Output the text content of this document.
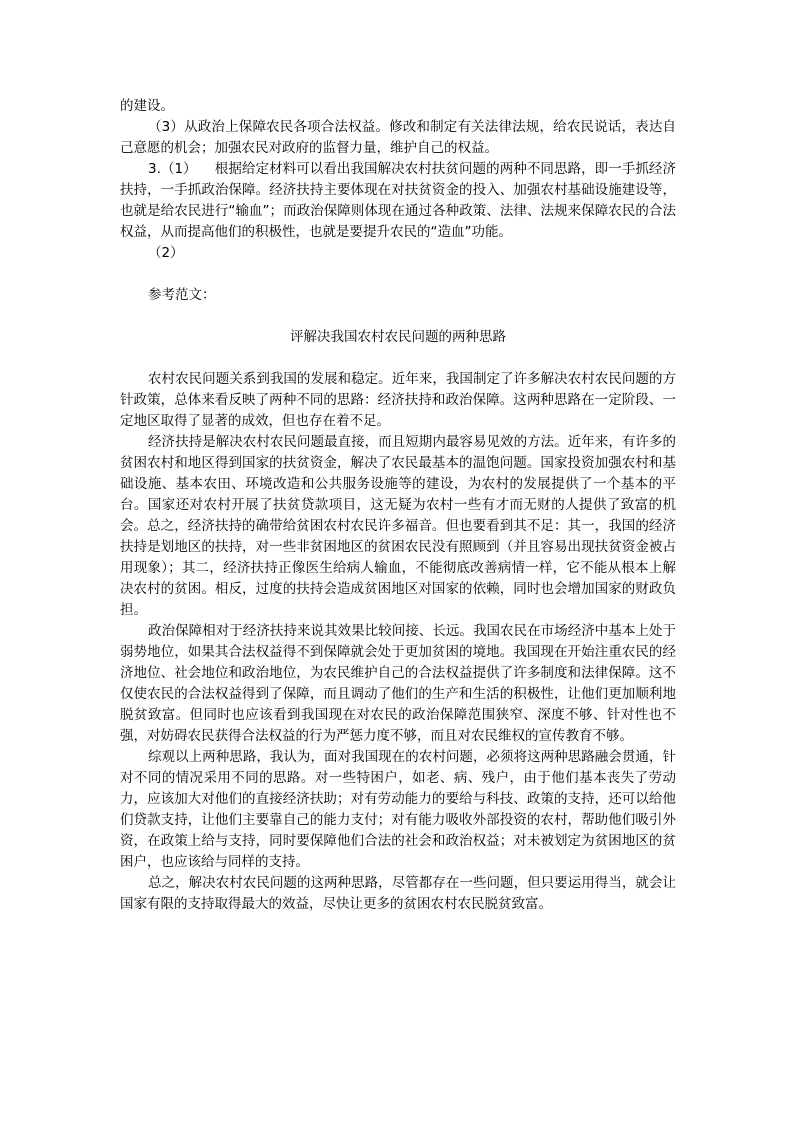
的建设。

（3）从政治上保障农民各项合法权益。修改和制定有关法律法规，给农民说话，表达自己意愿的机会；加强农民对政府的监督力量，维护自己的权益。

3.（1） 根据给定材料可以看出我国解决农村扶贫问题的两种不同思路，即一手抓经济扶持，一手抓政治保障。经济扶持主要体现在对扶贫资金的投入、加强农村基础设施建设等，也就是给农民进行“输血”；而政治保障则体现在通过各种政策、法律、法规来保障农民的合法权益，从而提高他们的积极性，也就是要提升农民的“造血”功能。

（2）

参考范文：

评解决我国农村农民问题的两种思路

农村农民问题关系到我国的发展和稳定。近年来，我国制定了许多解决农村农民问题的方针政策，总体来看反映了两种不同的思路：经济扶持和政治保障。这两种思路在一定阶段、一定地区取得了显著的成效，但也存在着不足。

经济扶持是解决农村农民问题最直接，而且短期内最容易见效的方法。近年来，有许多的贫困农村和地区得到国家的扶贫资金，解决了农民最基本的温饱问题。国家投资加强农村和基础设施、基本农田、环境改造和公共服务设施等的建设，为农村的发展提供了一个基本的平台。国家还对农村开展了扶贫贷款项目，这无疑为农村一些有才而无财的人提供了致富的机会。总之，经济扶持的确带给贫困农村农民许多福音。但也要看到其不足：其一，我国的经济扶持是划地区的扶持，对一些非贫困地区的贫困农民没有照顾到（并且容易出现扶贫资金被占用现象）；其二，经济扶持正像医生给病人输血，不能彻底改善病情一样，它不能从根本上解决农村的贫困。相反，过度的扶持会造成贫困地区对国家的依赖，同时也会增加国家的财政负担。

政治保障相对于经济扶持来说其效果比较间接、长远。我国农民在市场经济中基本上处于弱势地位，如果其合法权益得不到保障就会处于更加贫困的境地。我国现在开始注重农民的经济地位、社会地位和政治地位，为农民维护自己的合法权益提供了许多制度和法律保障。这不仅使农民的合法权益得到了保障，而且调动了他们的生产和生活的积极性，让他们更加顺利地脱贫致富。但同时也应该看到我国现在对农民的政治保障范围狭窄、深度不够、针对性也不强，对妨碍农民获得合法权益的行为严惩力度不够，而且对农民维权的宣传教育不够。

综观以上两种思路，我认为，面对我国现在的农村问题，必须将这两种思路融会贯通，针对不同的情况采用不同的思路。对一些特困户，如老、病、残户，由于他们基本丧失了劳动力，应该加大对他们的直接经济扶助；对有劳动能力的要给与科技、政策的支持，还可以给他们贷款支持，让他们主要靠自己的能力支付；对有能力吸收外部投资的农村，帮助他们吸引外资，在政策上给与支持，同时要保障他们合法的社会和政治权益；对未被划定为贫困地区的贫困户，也应该给与同样的支持。

总之，解决农村农民问题的这两种思路，尽管都存在一些问题，但只要运用得当，就会让国家有限的支持取得最大的效益，尽快让更多的贫困农村农民脱贫致富。
